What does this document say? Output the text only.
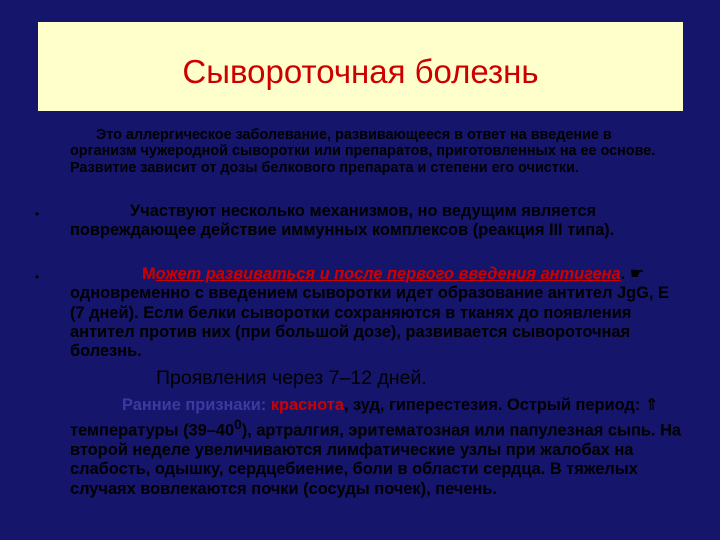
Сывороточная болезнь
Это аллергическое заболевание, развивающееся в ответ на введение в организм чужеродной сыворотки или препаратов, приготовленных на ее основе. Развитие зависит от дозы белкового препарата и степени его очистки.
•	Участвуют несколько механизмов, но ведущим является повреждающее действие иммунных комплексов (реакция III типа).
•	Может развиваться и после первого введения антигена. ☛ одновременно с введением сыворотки идет образование антител JgG, E (7 дней). Если белки сыворотки сохраняются в тканях до появления антител против них (при большой дозе), развивается сывороточная болезнь.
Проявления через 7–12 дней.
Ранние признаки: краснота, зуд, гиперестезия. Острый период: ⇑ температуры $(39-40^0)$, артралгия, эритематозная или папулезная сыпь. На второй неделе увеличиваются лимфатические узлы при жалобах на слабость, одышку, сердцебиение, боли в области сердца. В тяжелых случаях вовлекаются почки (сосуды почек), печень.
